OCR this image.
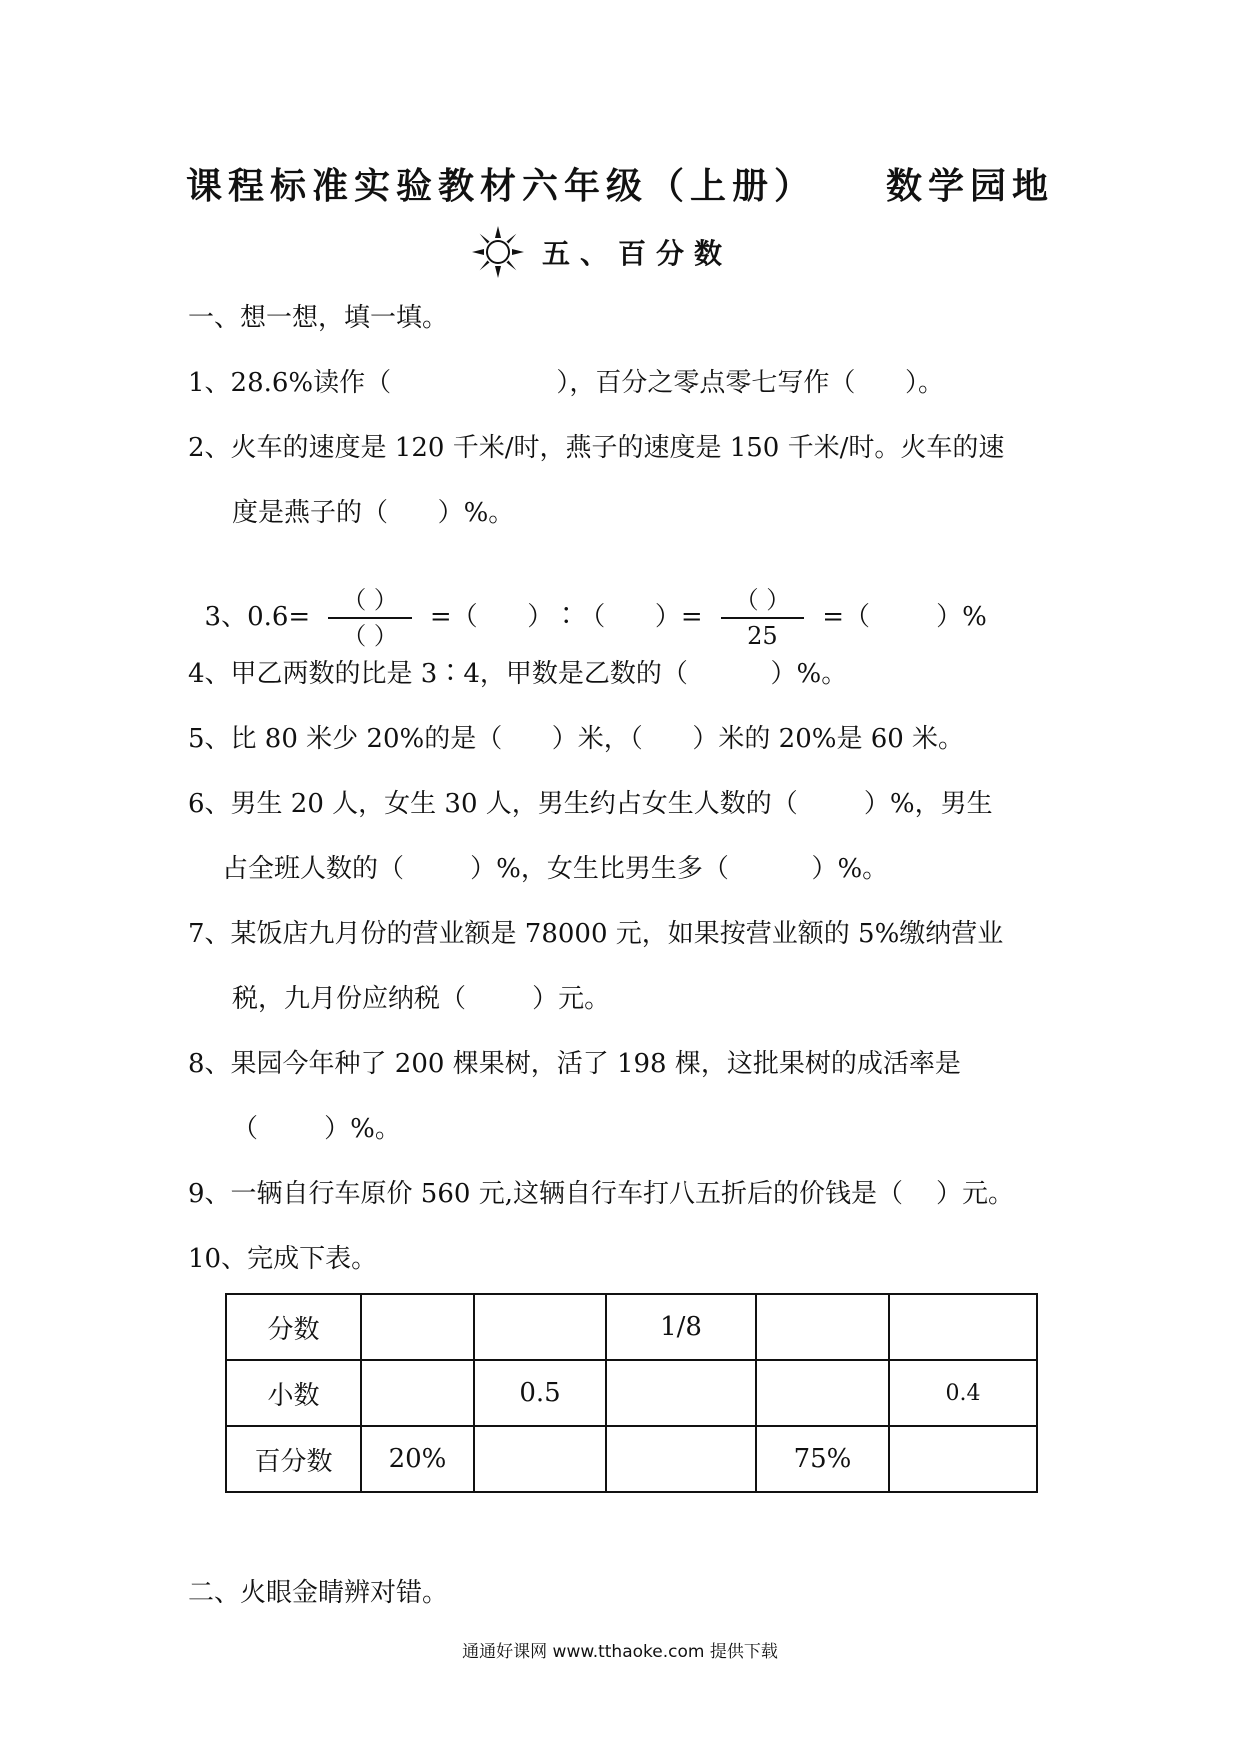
课程标准实验教材六年级（上册） 数学园地
五、百分数
一、想一想，填一填。
1、28.6%读作（                    ），百分之零点零七写作（      ）。
2、火车的速度是 120 千米/时，燕子的速度是 150 千米/时。火车的速
度是燕子的（      ）%。

3、$0.6= \frac{( )}{( )}$ =（      ）∶（      ）= $\frac{( )}{25}$ =（        ）%

4、甲乙两数的比是 3∶4，甲数是乙数的（          ）%。
5、比 80 米少 20%的是（      ）米，（      ）米的 20%是 60 米。
6、男生 20 人，女生 30 人，男生约占女生人数的（        ）%，男生
占全班人数的（        ）%，女生比男生多（          ）%。
7、某饭店九月份的营业额是 78000 元，如果按营业额的 5%缴纳营业
税，九月份应纳税（        ）元。
8、果园今年种了 200 棵果树，活了 198 棵，这批果树的成活率是
（        ）%。
9、一辆自行车原价 560 元,这辆自行车打八五折后的价钱是（    ）元。
10、完成下表。
分数			1/8		
小数		0.5			0.4
百分数	20%			75%	
二、火眼金睛辨对错。
通通好课网 www.tthaoke.com 提供下载
